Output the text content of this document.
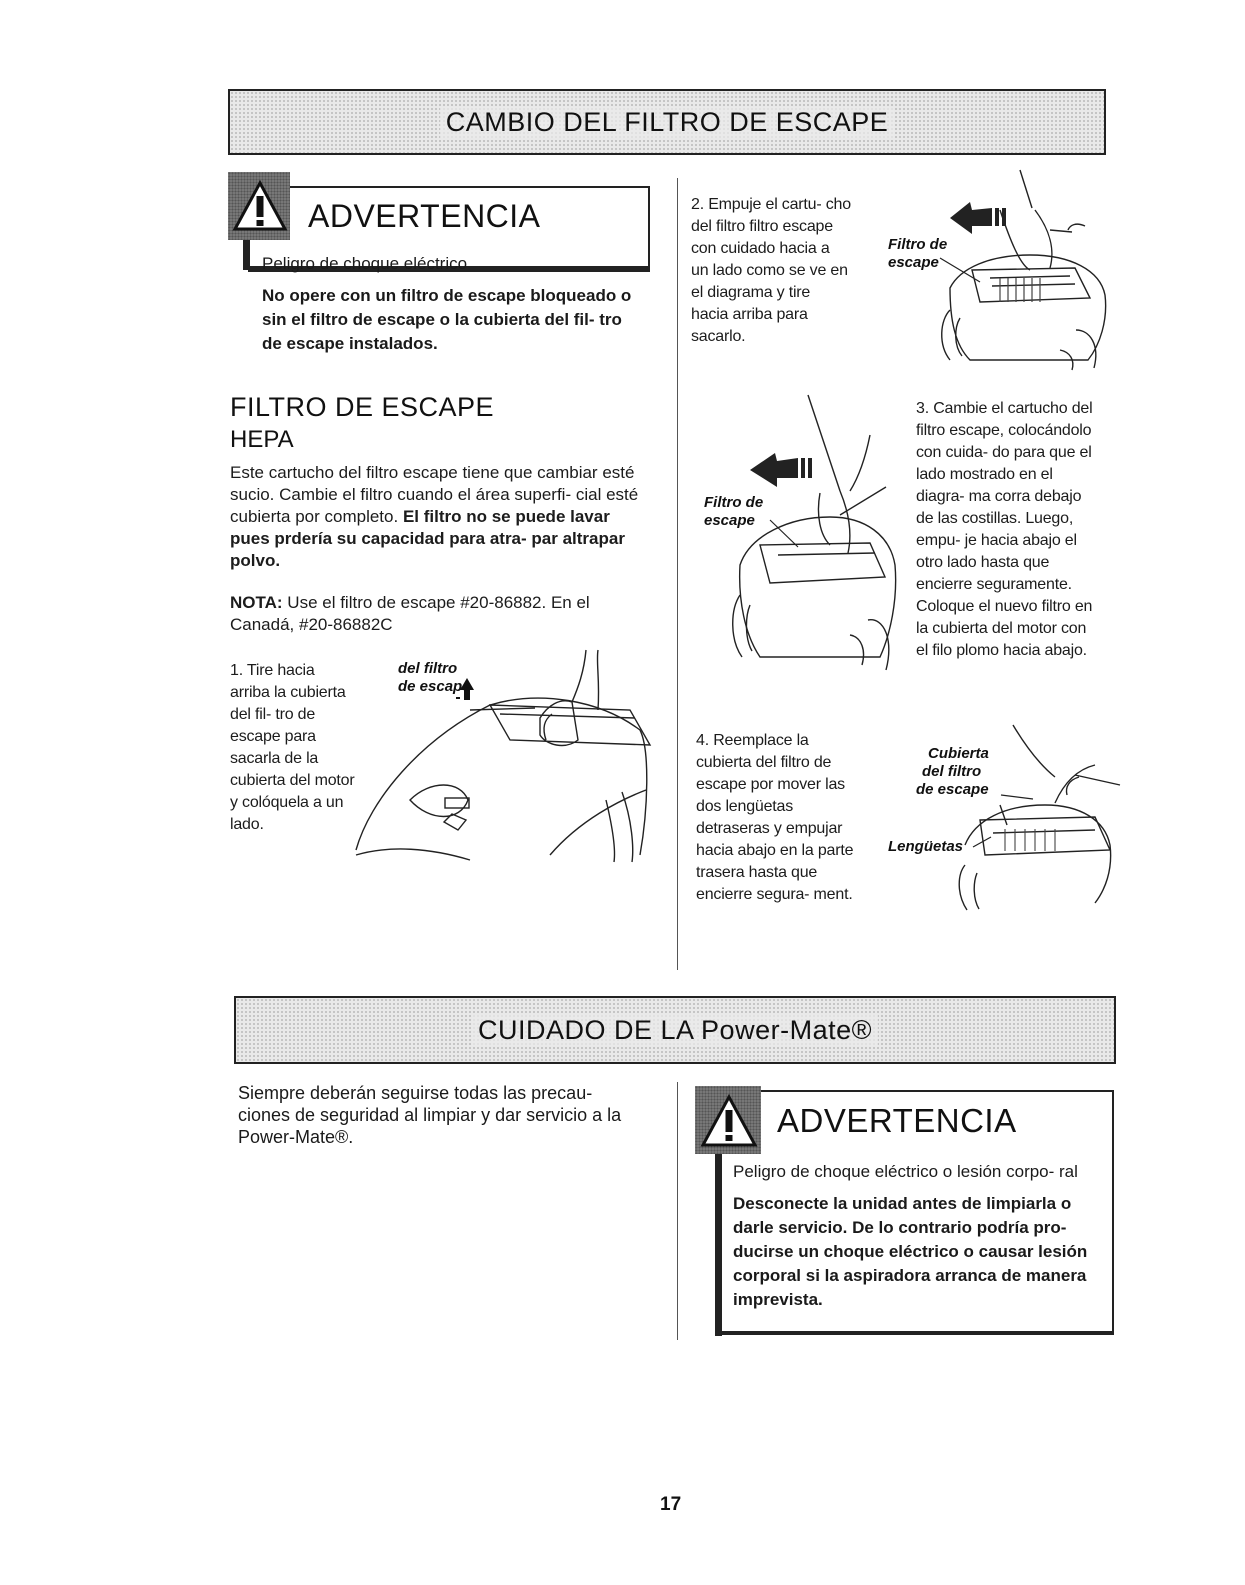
CAMBIO DEL FILTRO DE ESCAPE
ADVERTENCIA

Peligro de choque eléctrico

No opere con un filtro de escape bloqueado o sin el filtro de escape o la cubierta del fil- tro de escape instalados.

FILTRO DE ESCAPE
HEPA
Este cartucho del filtro escape tiene que cambiar esté sucio. Cambie el filtro cuando el área superfi- cial esté cubierta por completo. El filtro no se puede lavar pues prdería su capacidad para atra- par altrapar polvo.
NOTA: Use el filtro de escape #20-86882. En el Canadá, #20-86882C
1. Tire hacia arriba la cubierta del fil- tro de escape para sacarla de la cubierta del motor y colóquela a un lado.
del filtro
de escape
2. Empuje el cartu- cho del filtro filtro escape con cuidado hacia a un lado como se ve en el diagrama y tire hacia arriba para sacarlo.
Filtro de
escape
Filtro de
escape
4. Reemplace la cubierta del filtro de escape por mover las dos lengüetas detraseras y empujar hacia abajo en la parte trasera hasta que encierre segura- ment.
3. Cambie el cartucho del filtro escape, colocándolo con cuida- do para que el lado mostrado en el diagra- ma corra debajo de las costillas. Luego, empu- je hacia abajo el otro lado hasta que encierre seguramente. Coloque el nuevo filtro en la cubierta del motor con el filo plomo hacia abajo.
Cubierta
del filtro
de escape
Lengüetas
CUIDADO DE LA Power-Mate®
Siempre deberán seguirse todas las precau- ciones de seguridad al limpiar y dar servicio a la Power-Mate®.	ADVERTENCIA

Peligro de choque eléctrico o lesión corpo- ral

Desconecte la unidad antes de limpiarla o darle servicio. De lo contrario podría pro- ducirse un choque eléctrico o causar lesión corporal si la aspiradora arranca de manera imprevista.

17
